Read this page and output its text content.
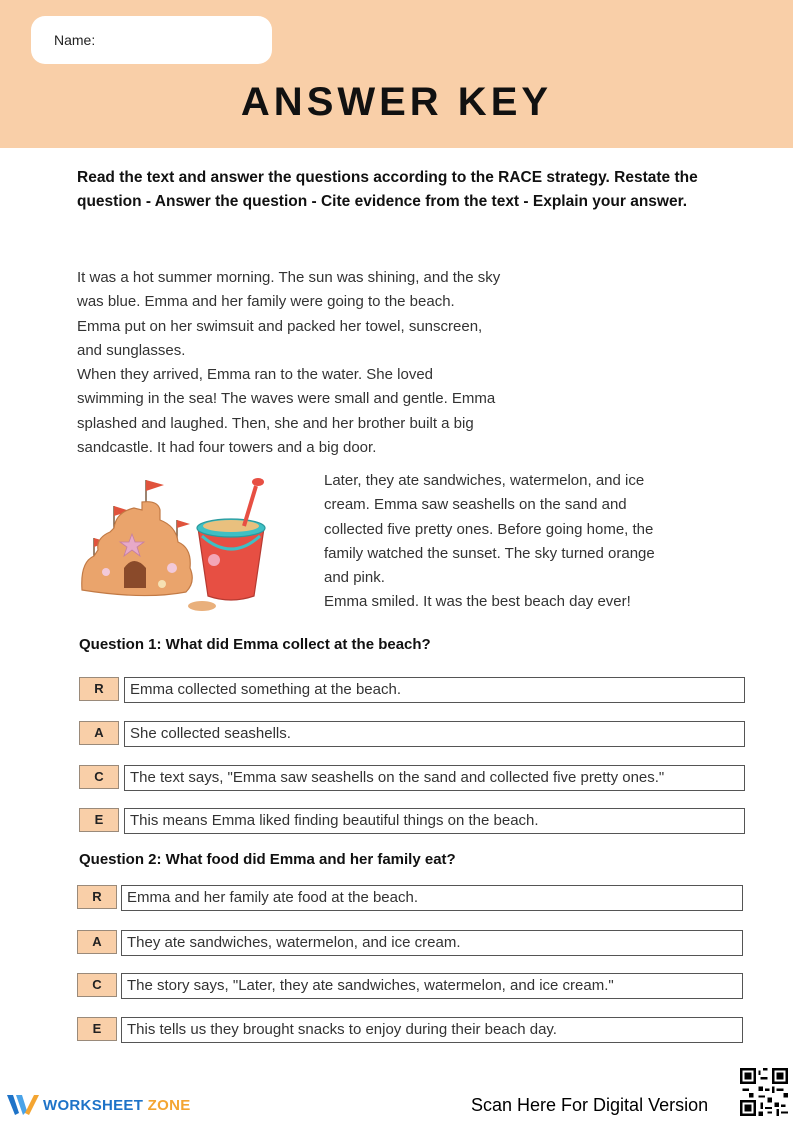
Name:
ANSWER KEY
Read the text and answer the questions according to the RACE strategy. Restate the question - Answer the question - Cite evidence from the text - Explain your answer.

It was a hot summer morning. The sun was shining, and the sky

was blue. Emma and her family were going to the beach.

Emma put on her swimsuit and packed her towel, sunscreen,

and sunglasses.

When they arrived, Emma ran to the water. She loved

swimming in the sea! The waves were small and gentle. Emma

splashed and laughed. Then, she and her brother built a big

sandcastle. It had four towers and a big door.

Later, they ate sandwiches, watermelon, and ice

cream. Emma saw seashells on the sand and

collected five pretty ones. Before going home, the

family watched the sunset. The sky turned orange

and pink.

Emma smiled. It was the best beach day ever!

Question 1: What did Emma collect at the beach?
R	Emma collected something at the beach.
A	She collected seashells.
C	The text says, "Emma saw seashells on the sand and collected five pretty ones."
E	This means Emma liked finding beautiful things on the beach.
Question 2: What food did Emma and her family eat?
R	Emma and her family ate food at the beach.
A	They ate sandwiches, watermelon, and ice cream.
C	The story says, "Later, they ate sandwiches, watermelon, and ice cream."
E	This tells us they brought snacks to enjoy during their beach day.
WORKSHEET ZONE	Scan Here For Digital Version
